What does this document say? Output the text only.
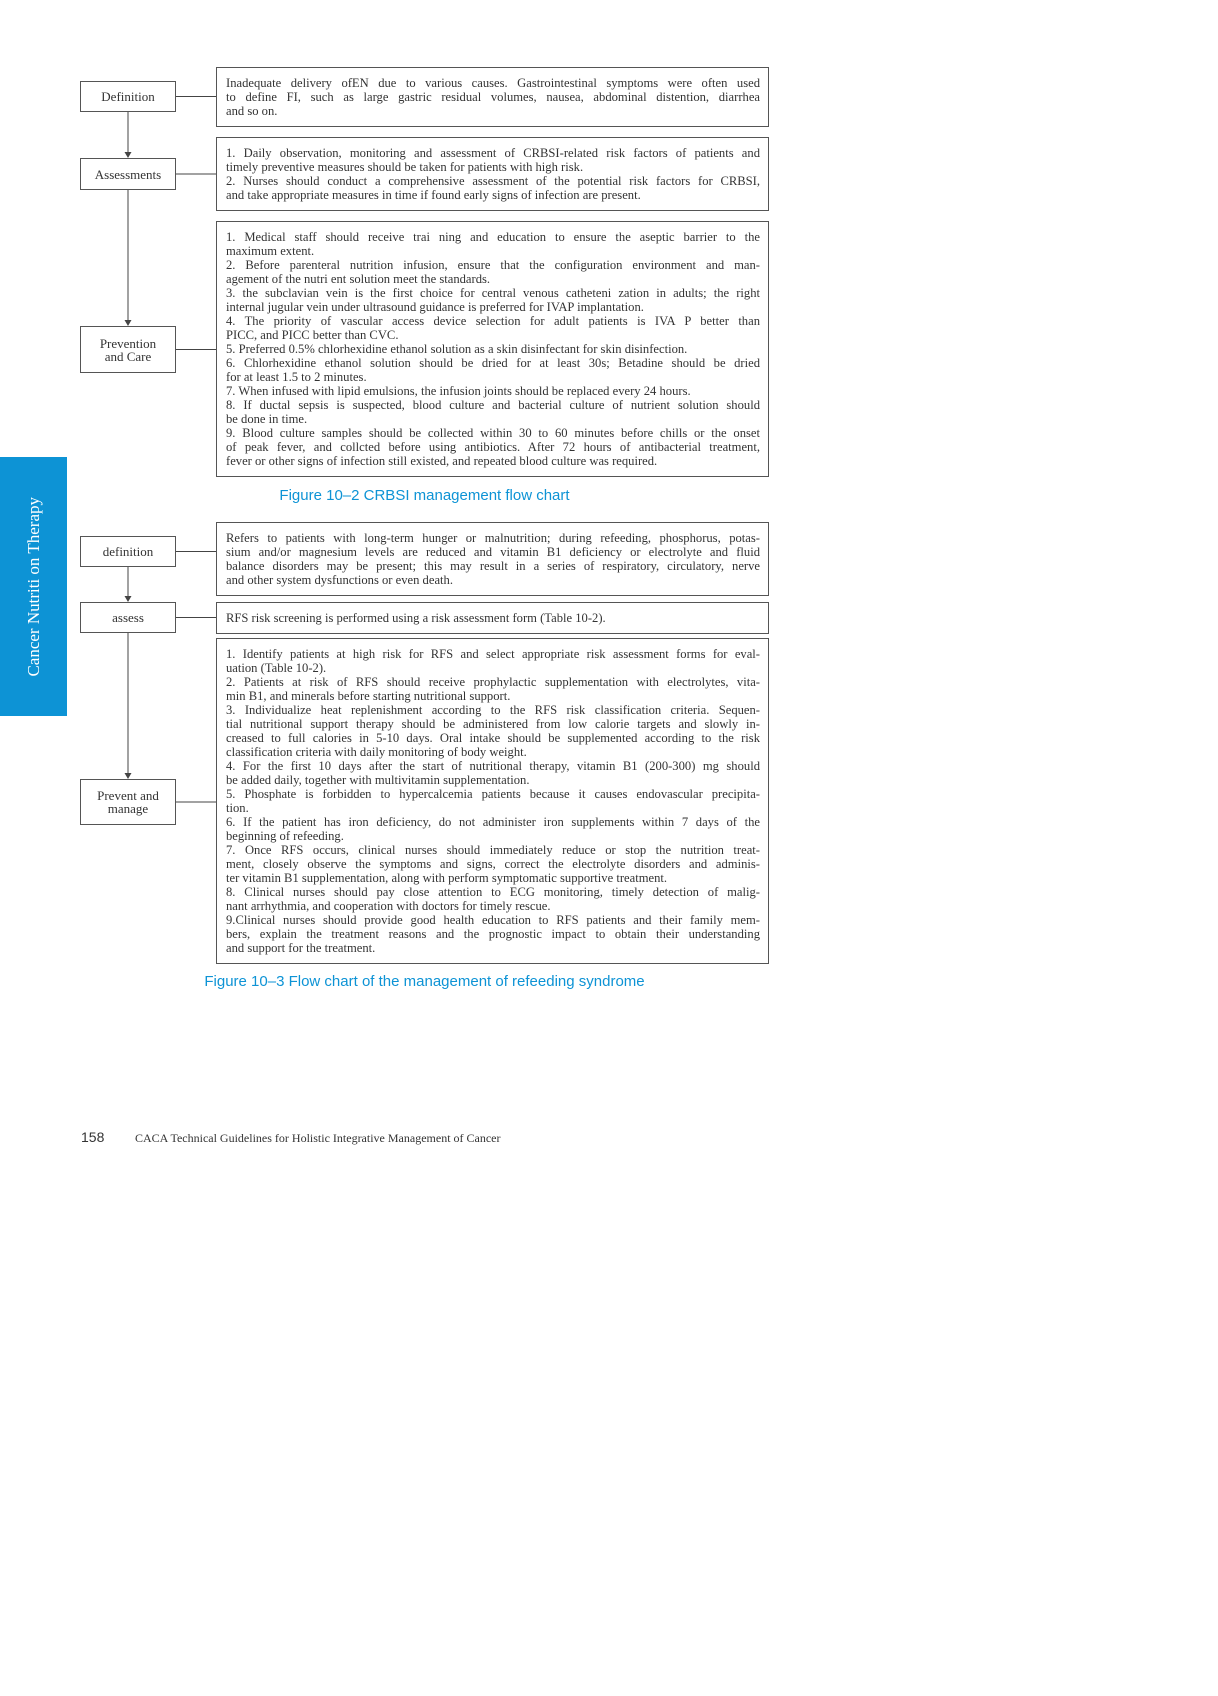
Cancer Nutriti on Therapy
Definition
Inadequate delivery ofEN due to various causes. Gastrointestinal symptoms were often used
to define FI, such as large gastric residual volumes, nausea, abdominal distention, diarrhea
and so on.
Assessments
1. Daily observation, monitoring and assessment of CRBSI-related risk factors of patients and
timely preventive measures should be taken for patients with high risk.
2. Nurses should conduct a comprehensive assessment of the potential risk factors for CRBSI,
and take appropriate measures in time if found early signs of infection are present.
Prevention
and Care
1. Medical staff should receive trai ning and education to ensure the aseptic barrier to the
maximum extent.
2. Before parenteral nutrition infusion, ensure that the configuration environment and man-
agement of the nutri ent solution meet the standards.
3. the subclavian vein is the first choice for central venous catheteni zation in adults; the right
internal jugular vein under ultrasound guidance is preferred for IVAP implantation.
4. The priority of vascular access device selection for adult patients is IVA P better than
PICC, and PICC better than CVC.
5. Preferred 0.5% chlorhexidine ethanol solution as a skin disinfectant for skin disinfection.
6. Chlorhexidine ethanol solution should be dried for at least 30s; Betadine should be dried
for at least 1.5 to 2 minutes.
7. When infused with lipid emulsions, the infusion joints should be replaced every 24 hours.
8. If ductal sepsis is suspected, blood culture and bacterial culture of nutrient solution should
be done in time.
9. Blood culture samples should be collected within 30 to 60 minutes before chills or the onset
of peak fever, and collcted before using antibiotics. After 72 hours of antibacterial treatment,
fever or other signs of infection still existed, and repeated blood culture was required.
Figure 10–2 CRBSI management flow chart
definition
Refers to patients with long-term hunger or malnutrition; during refeeding, phosphorus, potas-
sium and/or magnesium levels are reduced and vitamin B1 deficiency or electrolyte and fluid
balance disorders may be present; this may result in a series of respiratory, circulatory, nerve
and other system dysfunctions or even death.
assess	RFS risk screening is performed using a risk assessment form (Table 10-2).
Prevent and
manage
1. Identify patients at high risk for RFS and select appropriate risk assessment forms for eval-
uation (Table 10-2).
2. Patients at risk of RFS should receive prophylactic supplementation with electrolytes, vita-
min B1, and minerals before starting nutritional support.
3. Individualize heat replenishment according to the RFS risk classification criteria. Sequen-
tial nutritional support therapy should be administered from low calorie targets and slowly in-
creased to full calories in 5-10 days. Oral intake should be supplemented according to the risk
classification criteria with daily monitoring of body weight.
4. For the first 10 days after the start of nutritional therapy, vitamin B1 (200-300) mg should
be added daily, together with multivitamin supplementation.
5. Phosphate is forbidden to hypercalcemia patients because it causes endovascular precipita-
tion.
6. If the patient has iron deficiency, do not administer iron supplements within 7 days of the
beginning of refeeding.
7. Once RFS occurs, clinical nurses should immediately reduce or stop the nutrition treat-
ment, closely observe the symptoms and signs, correct the electrolyte disorders and adminis-
ter vitamin B1 supplementation, along with perform symptomatic supportive treatment.
8. Clinical nurses should pay close attention to ECG monitoring, timely detection of malig-
nant arrhythmia, and cooperation with doctors for timely rescue.
9.Clinical nurses should provide good health education to RFS patients and their family mem-
bers, explain the treatment reasons and the prognostic impact to obtain their understanding
and support for the treatment.
Figure 10–3 Flow chart of the management of refeeding syndrome
158	CACA Technical Guidelines for Holistic Integrative Management of Cancer
